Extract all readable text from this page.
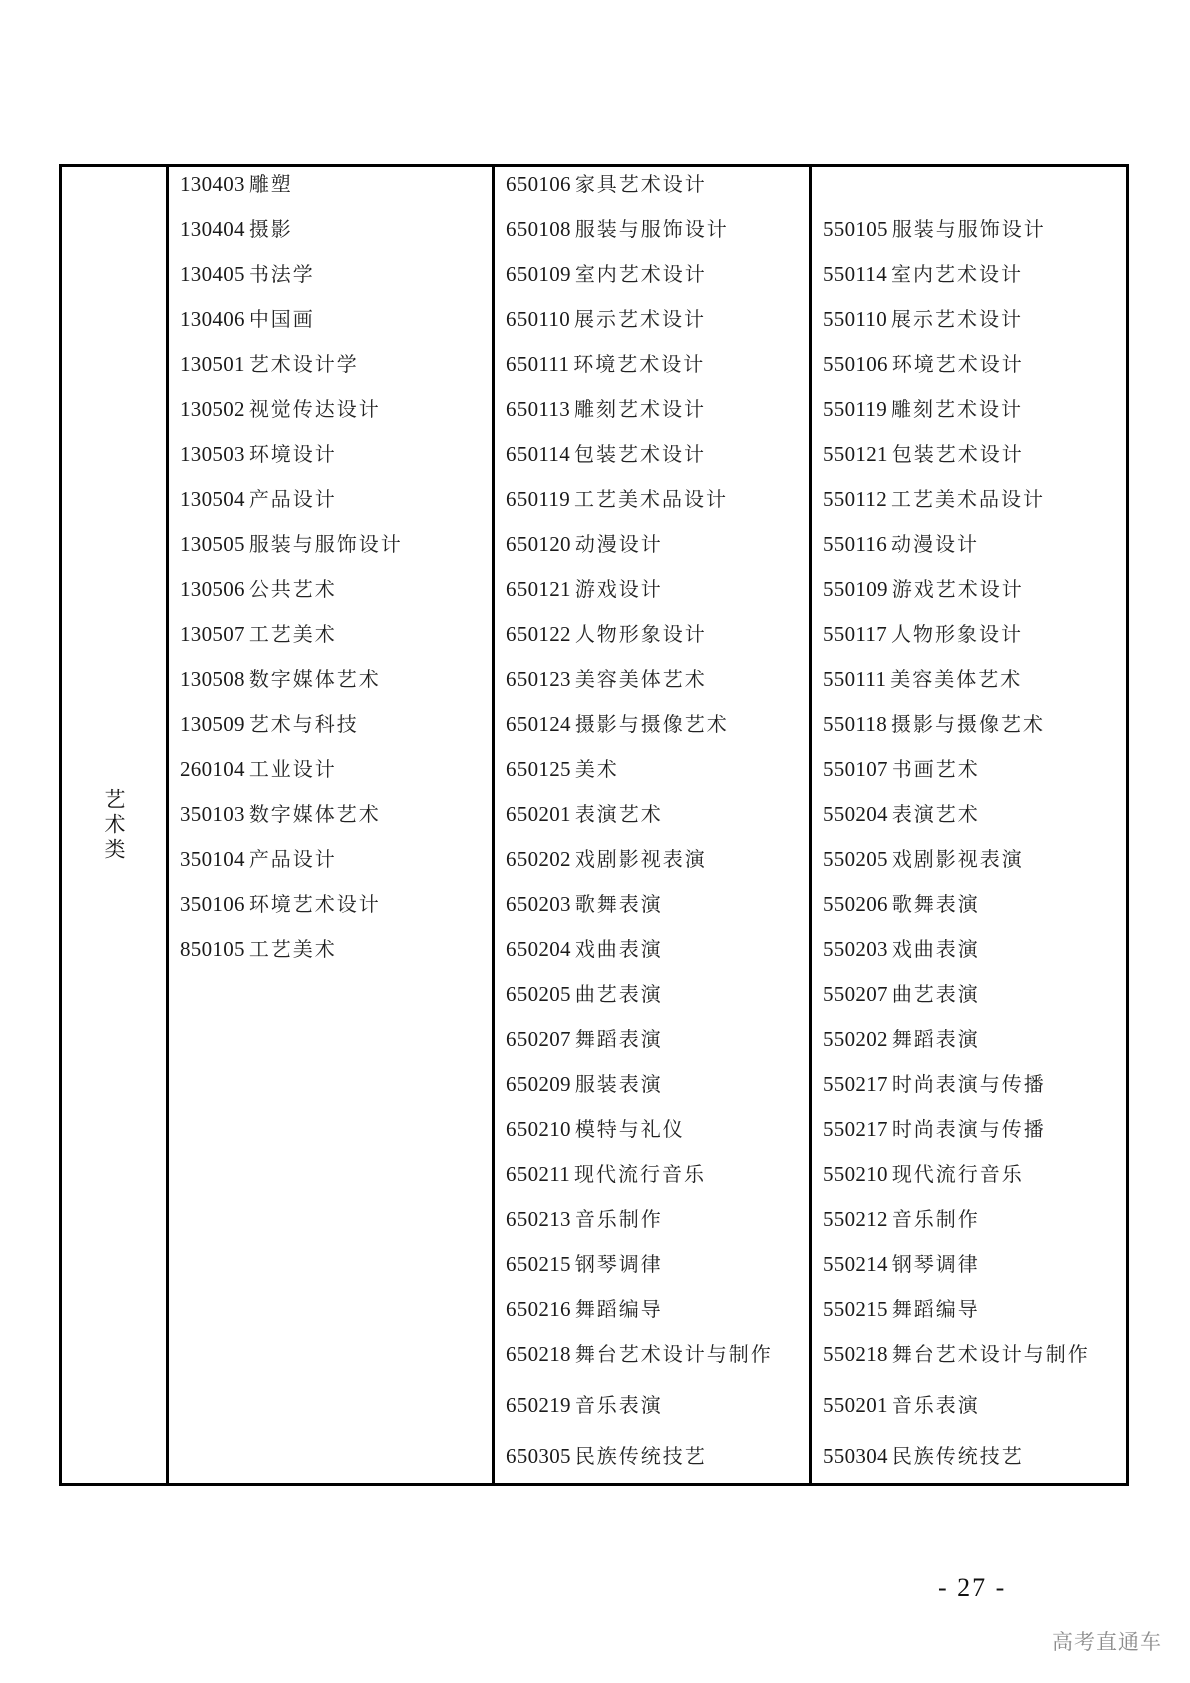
艺术类
130403 雕塑
130404 摄影
130405 书法学
130406 中国画
130501 艺术设计学
130502 视觉传达设计
130503 环境设计
130504 产品设计
130505 服装与服饰设计
130506 公共艺术
130507 工艺美术
130508 数字媒体艺术
130509 艺术与科技
260104 工业设计
350103 数字媒体艺术
350104 产品设计
350106 环境艺术设计
850105 工艺美术
650106 家具艺术设计
650108 服装与服饰设计
650109 室内艺术设计
650110 展示艺术设计
650111 环境艺术设计
650113 雕刻艺术设计
650114 包装艺术设计
650119 工艺美术品设计
650120 动漫设计
650121 游戏设计
650122 人物形象设计
650123 美容美体艺术
650124 摄影与摄像艺术
650125 美术
650201 表演艺术
650202 戏剧影视表演
650203 歌舞表演
650204 戏曲表演
650205 曲艺表演
650207 舞蹈表演
650209 服装表演
650210 模特与礼仪
650211 现代流行音乐
650213 音乐制作
650215 钢琴调律
650216 舞蹈编导
650218 舞台艺术设计与制作
650219 音乐表演
650305 民族传统技艺
550105 服装与服饰设计
550114 室内艺术设计
550110 展示艺术设计
550106 环境艺术设计
550119 雕刻艺术设计
550121 包装艺术设计
550112 工艺美术品设计
550116 动漫设计
550109 游戏艺术设计
550117 人物形象设计
550111 美容美体艺术
550118 摄影与摄像艺术
550107 书画艺术
550204 表演艺术
550205 戏剧影视表演
550206 歌舞表演
550203 戏曲表演
550207 曲艺表演
550202 舞蹈表演
550217 时尚表演与传播
550217 时尚表演与传播
550210 现代流行音乐
550212 音乐制作
550214 钢琴调律
550215 舞蹈编导
550218 舞台艺术设计与制作
550201 音乐表演
550304 民族传统技艺
- 27 -
高考直通车
